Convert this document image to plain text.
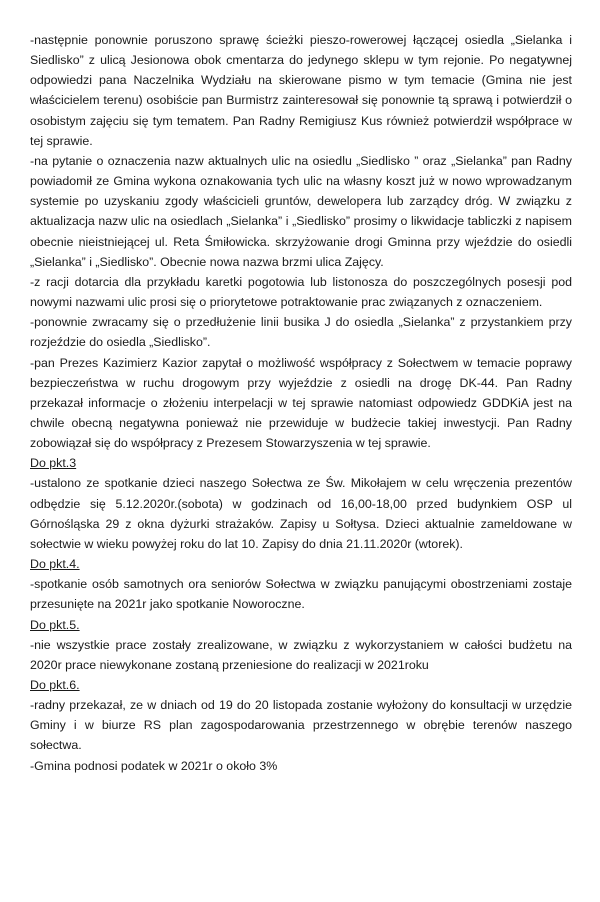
-następnie ponownie poruszono sprawę ścieżki pieszo-rowerowej łączącej osiedla „Sielanka i Siedlisko” z ulicą Jesionowa obok cmentarza do jedynego sklepu w tym rejonie. Po negatywnej odpowiedzi pana Naczelnika Wydziału na skierowane pismo w tym temacie (Gmina nie jest właścicielem terenu) osobiście pan Burmistrz zainteresował się ponownie tą sprawą i potwierdził o osobistym zajęciu się tym tematem. Pan Radny Remigiusz Kus również potwierdził współprace w tej sprawie.

-na pytanie o oznaczenia nazw aktualnych ulic na osiedlu „Siedlisko ” oraz „Sielanka” pan Radny powiadomił ze Gmina wykona oznakowania tych ulic na własny koszt już w nowo wprowadzanym systemie po uzyskaniu zgody właścicieli gruntów, dewelopera lub zarządcy dróg. W związku z aktualizacja nazw ulic na osiedlach „Sielanka” i „Siedlisko” prosimy o likwidacje tabliczki z napisem obecnie nieistniejącej ul. Reta Śmiłowicka. skrzyżowanie drogi Gminna przy wjeździe do osiedli „Sielanka” i „Siedlisko”. Obecnie nowa nazwa brzmi ulica Zajęcy.

-z racji dotarcia dla przykładu karetki pogotowia lub listonosza do poszczególnych posesji pod nowymi nazwami ulic prosi się o priorytetowe potraktowanie prac związanych z oznaczeniem.

-ponownie zwracamy się o przedłużenie linii busika J do osiedla „Sielanka” z przystankiem przy rozjeździe do osiedla „Siedlisko”.

-pan Prezes Kazimierz Kazior zapytał o możliwość współpracy z Sołectwem w temacie poprawy bezpieczeństwa w ruchu drogowym przy wyjeździe z osiedli na drogę DK-44. Pan Radny przekazał informacje o złożeniu interpelacji w tej sprawie natomiast odpowiedz GDDKiA jest na chwile obecną negatywna ponieważ nie przewiduje w budżecie takiej inwestycji. Pan Radny zobowiązał się do współpracy z Prezesem Stowarzyszenia w tej sprawie.

Do pkt.3

-ustalono ze spotkanie dzieci naszego Sołectwa ze Św. Mikołajem w celu wręczenia prezentów odbędzie się 5.12.2020r.(sobota) w godzinach od 16,00-18,00 przed budynkiem OSP ul Górnośląska 29 z okna dyżurki strażaków. Zapisy u Sołtysa. Dzieci aktualnie zameldowane w sołectwie w wieku powyżej roku do lat 10. Zapisy do dnia 21.11.2020r (wtorek).

Do pkt.4.

-spotkanie osób samotnych ora seniorów Sołectwa w związku panującymi obostrzeniami zostaje przesunięte na 2021r jako spotkanie Noworoczne.

Do pkt.5.

-nie wszystkie prace zostały zrealizowane, w związku z wykorzystaniem w całości budżetu na 2020r prace niewykonane zostaną przeniesione do realizacji w 2021roku

Do pkt.6.

-radny przekazał, ze w dniach od 19 do 20 listopada zostanie wyłożony do konsultacji w urzędzie Gminy i w biurze RS plan zagospodarowania przestrzennego w obrębie terenów naszego sołectwa.

-Gmina podnosi podatek w 2021r o około 3%
